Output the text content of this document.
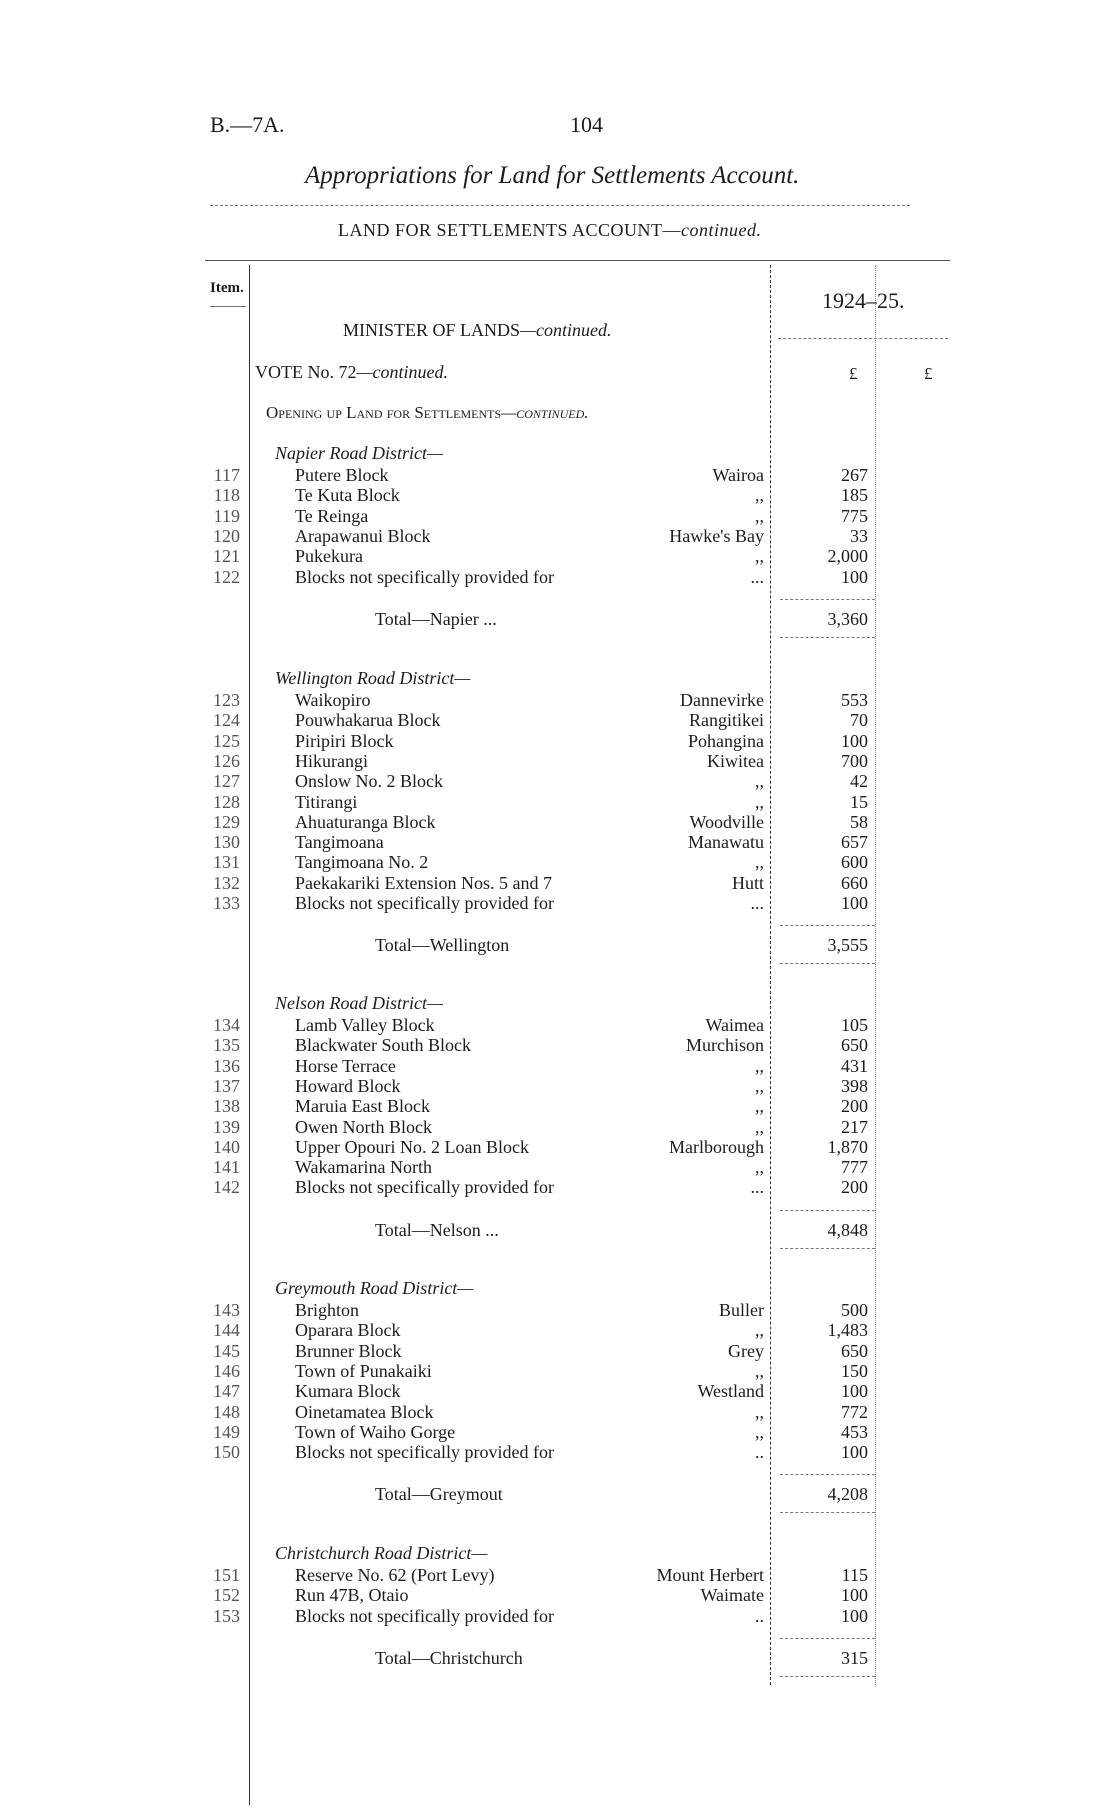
B.—7A.	104
Appropriations for Land for Settlements Account.
LAND FOR SETTLEMENTS ACCOUNT—continued.
Item.	1924–25.
MINISTER OF LANDS—continued.
VOTE No. 72—continued.	£	£
Opening up Land for Settlements—continued.
Napier Road District—
117	Putere Block	Wairoa	267
118	Te Kuta Block	,,	185
119	Te Reinga	,,	775
120	Arapawanui Block	Hawke's Bay	33
121	Pukekura	,,	2,000
122	Blocks not specifically provided for	...	100
Total—Napier ...	3,360
Wellington Road District—
123	Waikopiro	Dannevirke	553
124	Pouwhakarua Block	Rangitikei	70
125	Piripiri Block	Pohangina	100
126	Hikurangi	Kiwitea	700
127	Onslow No. 2 Block	,,	42
128	Titirangi	,,	15
129	Ahuaturanga Block	Woodville	58
130	Tangimoana	Manawatu	657
131	Tangimoana No. 2	,,	600
132	Paekakariki Extension Nos. 5 and 7	Hutt	660
133	Blocks not specifically provided for	...	100
Total—Wellington	3,555
Nelson Road District—
134	Lamb Valley Block	Waimea	105
135	Blackwater South Block	Murchison	650
136	Horse Terrace	,,	431
137	Howard Block	,,	398
138	Maruia East Block	,,	200
139	Owen North Block	,,	217
140	Upper Opouri No. 2 Loan Block	Marlborough	1,870
141	Wakamarina North	,,	777
142	Blocks not specifically provided for	...	200
Total—Nelson ...	4,848
Greymouth Road District—
143	Brighton	Buller	500
144	Oparara Block	,,	1,483
145	Brunner Block	Grey	650
146	Town of Punakaiki	,,	150
147	Kumara Block	Westland	100
148	Oinetamatea Block	,,	772
149	Town of Waiho Gorge	,,	453
150	Blocks not specifically provided for	..	100
Total—Greymout	4,208
Christchurch Road District—
151	Reserve No. 62 (Port Levy)	Mount Herbert	115
152	Run 47B, Otaio	Waimate	100
153	Blocks not specifically provided for	..	100
Total—Christchurch	315
